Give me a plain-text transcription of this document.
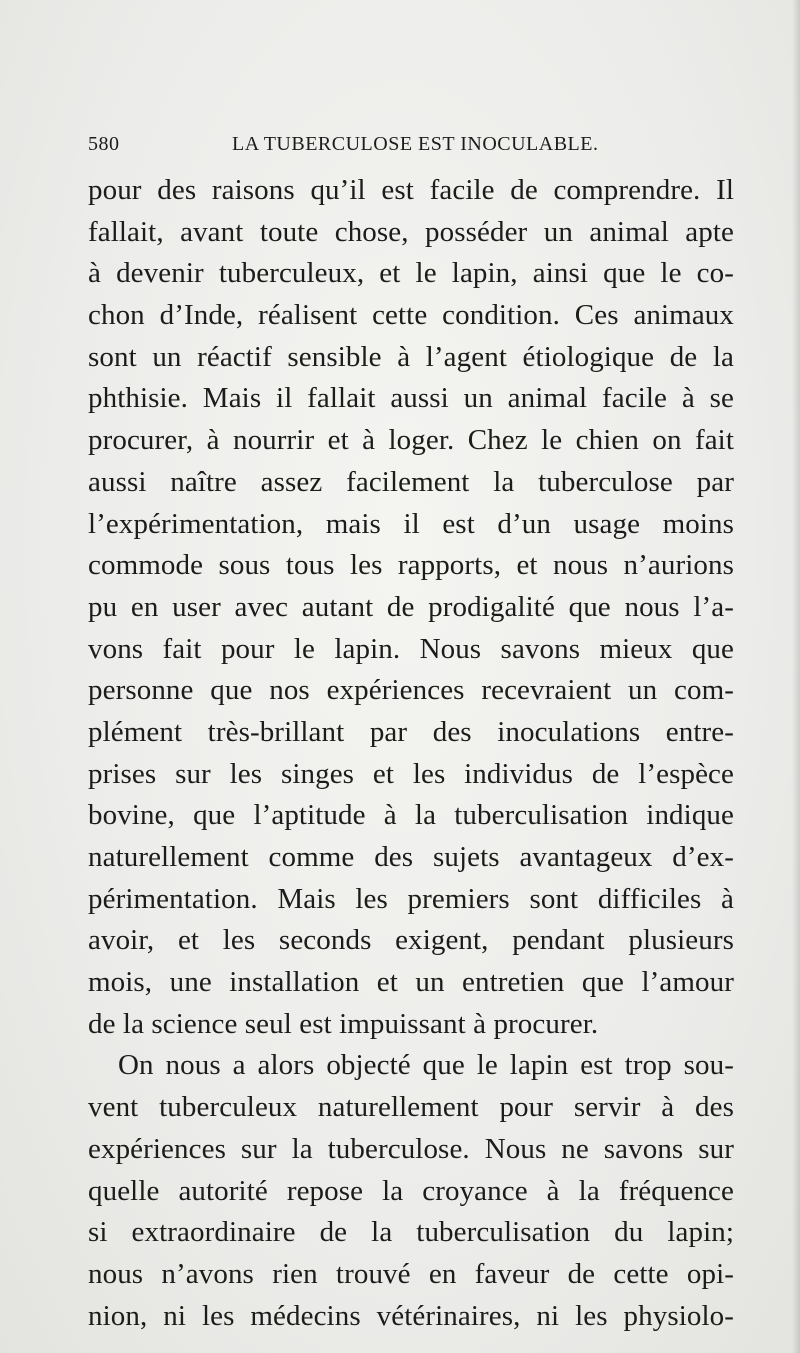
580	LA TUBERCULOSE EST INOCULABLE.
pour des raisons qu’il est facile de comprendre. Il
fallait, avant toute chose, posséder un animal apte
à devenir tuberculeux, et le lapin, ainsi que le co-
chon d’Inde, réalisent cette condition. Ces animaux
sont un réactif sensible à l’agent étiologique de la
phthisie. Mais il fallait aussi un animal facile à se
procurer, à nourrir et à loger. Chez le chien on fait
aussi naître assez facilement la tuberculose par
l’expérimentation, mais il est d’un usage moins
commode sous tous les rapports, et nous n’aurions
pu en user avec autant de prodigalité que nous l’a-
vons fait pour le lapin. Nous savons mieux que
personne que nos expériences recevraient un com-
plément très-brillant par des inoculations entre-
prises sur les singes et les individus de l’espèce
bovine, que l’aptitude à la tuberculisation indique
naturellement comme des sujets avantageux d’ex-
périmentation. Mais les premiers sont difficiles à
avoir, et les seconds exigent, pendant plusieurs
mois, une installation et un entretien que l’amour
de la science seul est impuissant à procurer.
On nous a alors objecté que le lapin est trop sou-
vent tuberculeux naturellement pour servir à des
expériences sur la tuberculose. Nous ne savons sur
quelle autorité repose la croyance à la fréquence
si extraordinaire de la tuberculisation du lapin;
nous n’avons rien trouvé en faveur de cette opi-
nion, ni les médecins vétérinaires, ni les physiolo-
